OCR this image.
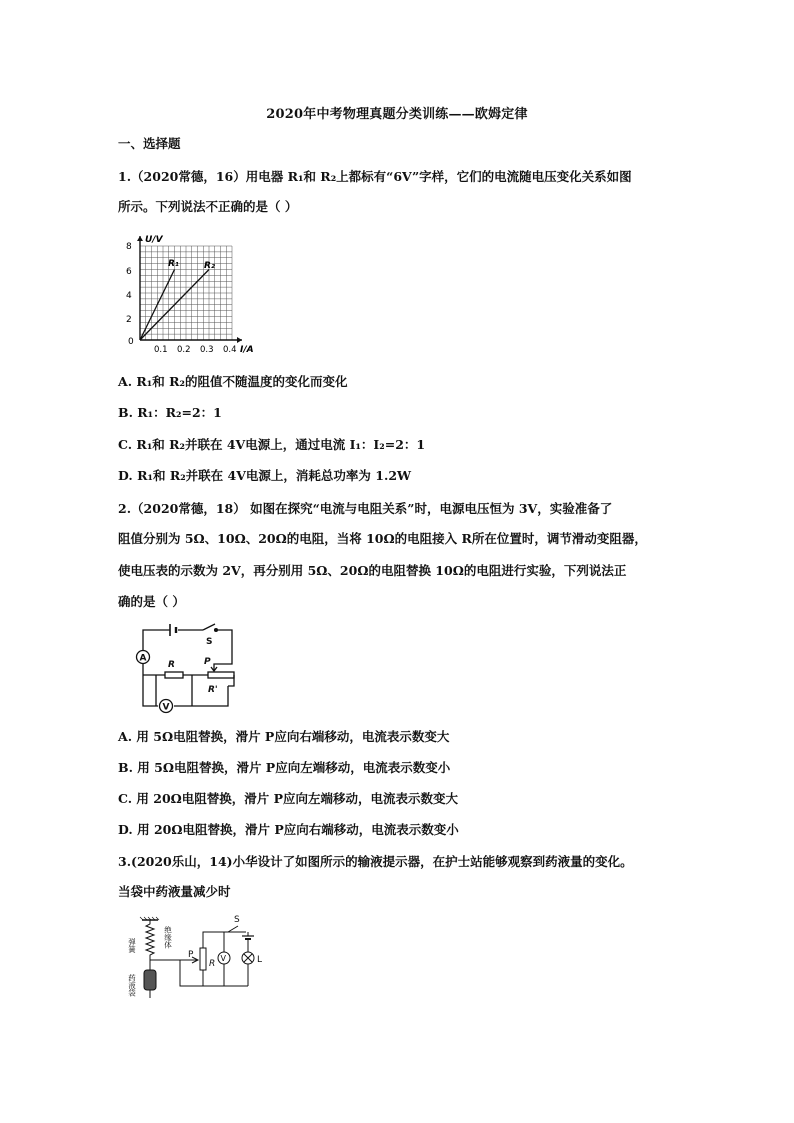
2020年中考物理真题分类训练——欧姆定律
一、选择题
1.（2020常德，16）用电器 R₁和 R₂上都标有“6V”字样，它们的电流随电压变化关系如图
所示。下列说法不正确的是（ ）
U/V
I/A
8
6
4
2
0
0.1 0.2 0.3 0.4
R₁	R₂
A. R₁和 R₂的阻值不随温度的变化而变化
B. R₁：R₂=2：1
C. R₁和 R₂并联在 4V电源上，通过电流 I₁：I₂=2：1
D. R₁和 R₂并联在 4V电源上，消耗总功率为 1.2W
2.（2020常德，18） 如图在探究“电流与电阻关系”时，电源电压恒为 3V，实验准备了
阻值分别为 5Ω、10Ω、20Ω的电阻，当将 10Ω的电阻接入 R所在位置时，调节滑动变阻器，
使电压表的示数为 2V，再分别用 5Ω、20Ω的电阻替换 10Ω的电阻进行实验，下列说法正
确的是（ ）
A
V
S
R	P
R'
A. 用 5Ω电阻替换，滑片 P应向右端移动，电流表示数变大
B. 用 5Ω电阻替换，滑片 P应向左端移动，电流表示数变小
C. 用 20Ω电阻替换，滑片 P应向左端移动，电流表示数变大
D. 用 20Ω电阻替换，滑片 P应向右端移动，电流表示数变小
3.(2020乐山，14)小华设计了如图所示的输液提示器，在护士站能够观察到药液量的变化。
当袋中药液量减少时
弹簧	绝缘体
药液袋
P
R
V
S
L
